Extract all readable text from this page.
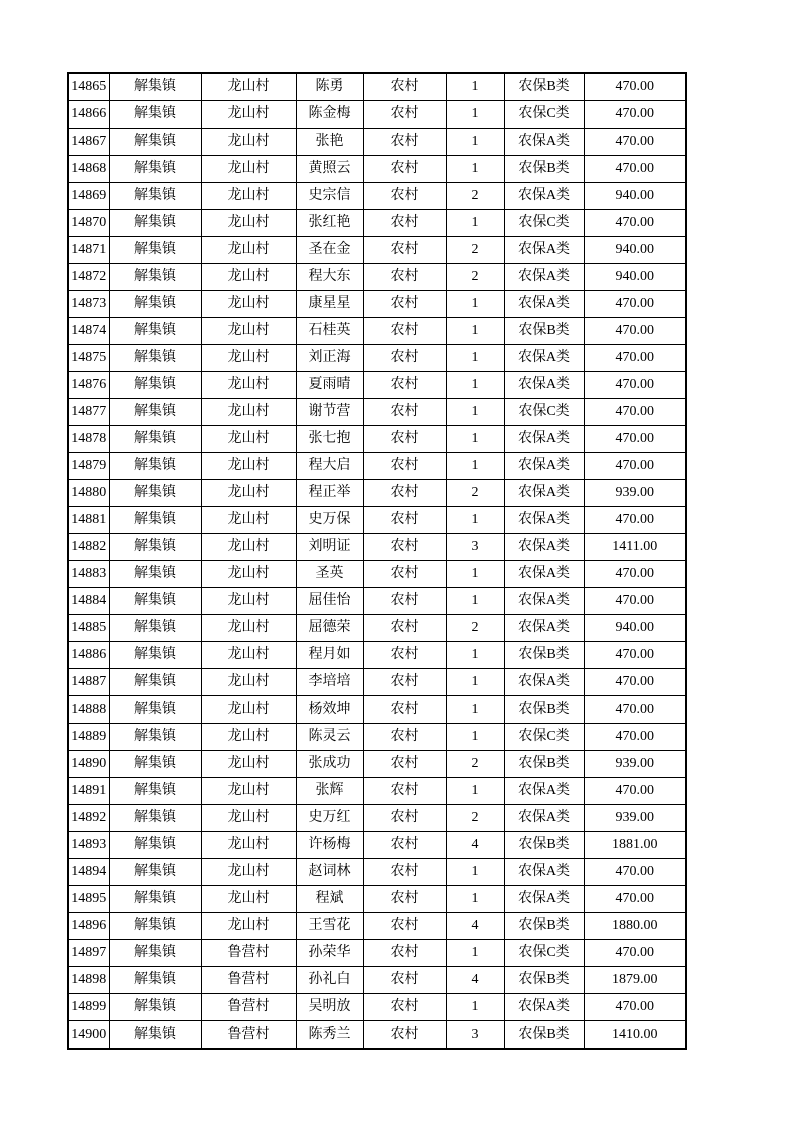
14865	解集镇	龙山村	陈勇	农村	1	农保B类	470.00
14866	解集镇	龙山村	陈金梅	农村	1	农保C类	470.00
14867	解集镇	龙山村	张艳	农村	1	农保A类	470.00
14868	解集镇	龙山村	黄照云	农村	1	农保B类	470.00
14869	解集镇	龙山村	史宗信	农村	2	农保A类	940.00
14870	解集镇	龙山村	张红艳	农村	1	农保C类	470.00
14871	解集镇	龙山村	圣在金	农村	2	农保A类	940.00
14872	解集镇	龙山村	程大东	农村	2	农保A类	940.00
14873	解集镇	龙山村	康星星	农村	1	农保A类	470.00
14874	解集镇	龙山村	石桂英	农村	1	农保B类	470.00
14875	解集镇	龙山村	刘正海	农村	1	农保A类	470.00
14876	解集镇	龙山村	夏雨晴	农村	1	农保A类	470.00
14877	解集镇	龙山村	谢节营	农村	1	农保C类	470.00
14878	解集镇	龙山村	张七抱	农村	1	农保A类	470.00
14879	解集镇	龙山村	程大启	农村	1	农保A类	470.00
14880	解集镇	龙山村	程正举	农村	2	农保A类	939.00
14881	解集镇	龙山村	史万保	农村	1	农保A类	470.00
14882	解集镇	龙山村	刘明证	农村	3	农保A类	1411.00
14883	解集镇	龙山村	圣英	农村	1	农保A类	470.00
14884	解集镇	龙山村	屈佳怡	农村	1	农保A类	470.00
14885	解集镇	龙山村	屈德荣	农村	2	农保A类	940.00
14886	解集镇	龙山村	程月如	农村	1	农保B类	470.00
14887	解集镇	龙山村	李培培	农村	1	农保A类	470.00
14888	解集镇	龙山村	杨效坤	农村	1	农保B类	470.00
14889	解集镇	龙山村	陈灵云	农村	1	农保C类	470.00
14890	解集镇	龙山村	张成功	农村	2	农保B类	939.00
14891	解集镇	龙山村	张辉	农村	1	农保A类	470.00
14892	解集镇	龙山村	史万红	农村	2	农保A类	939.00
14893	解集镇	龙山村	许杨梅	农村	4	农保B类	1881.00
14894	解集镇	龙山村	赵词林	农村	1	农保A类	470.00
14895	解集镇	龙山村	程斌	农村	1	农保A类	470.00
14896	解集镇	龙山村	王雪花	农村	4	农保B类	1880.00
14897	解集镇	鲁营村	孙荣华	农村	1	农保C类	470.00
14898	解集镇	鲁营村	孙礼白	农村	4	农保B类	1879.00
14899	解集镇	鲁营村	吴明放	农村	1	农保A类	470.00
14900	解集镇	鲁营村	陈秀兰	农村	3	农保B类	1410.00
